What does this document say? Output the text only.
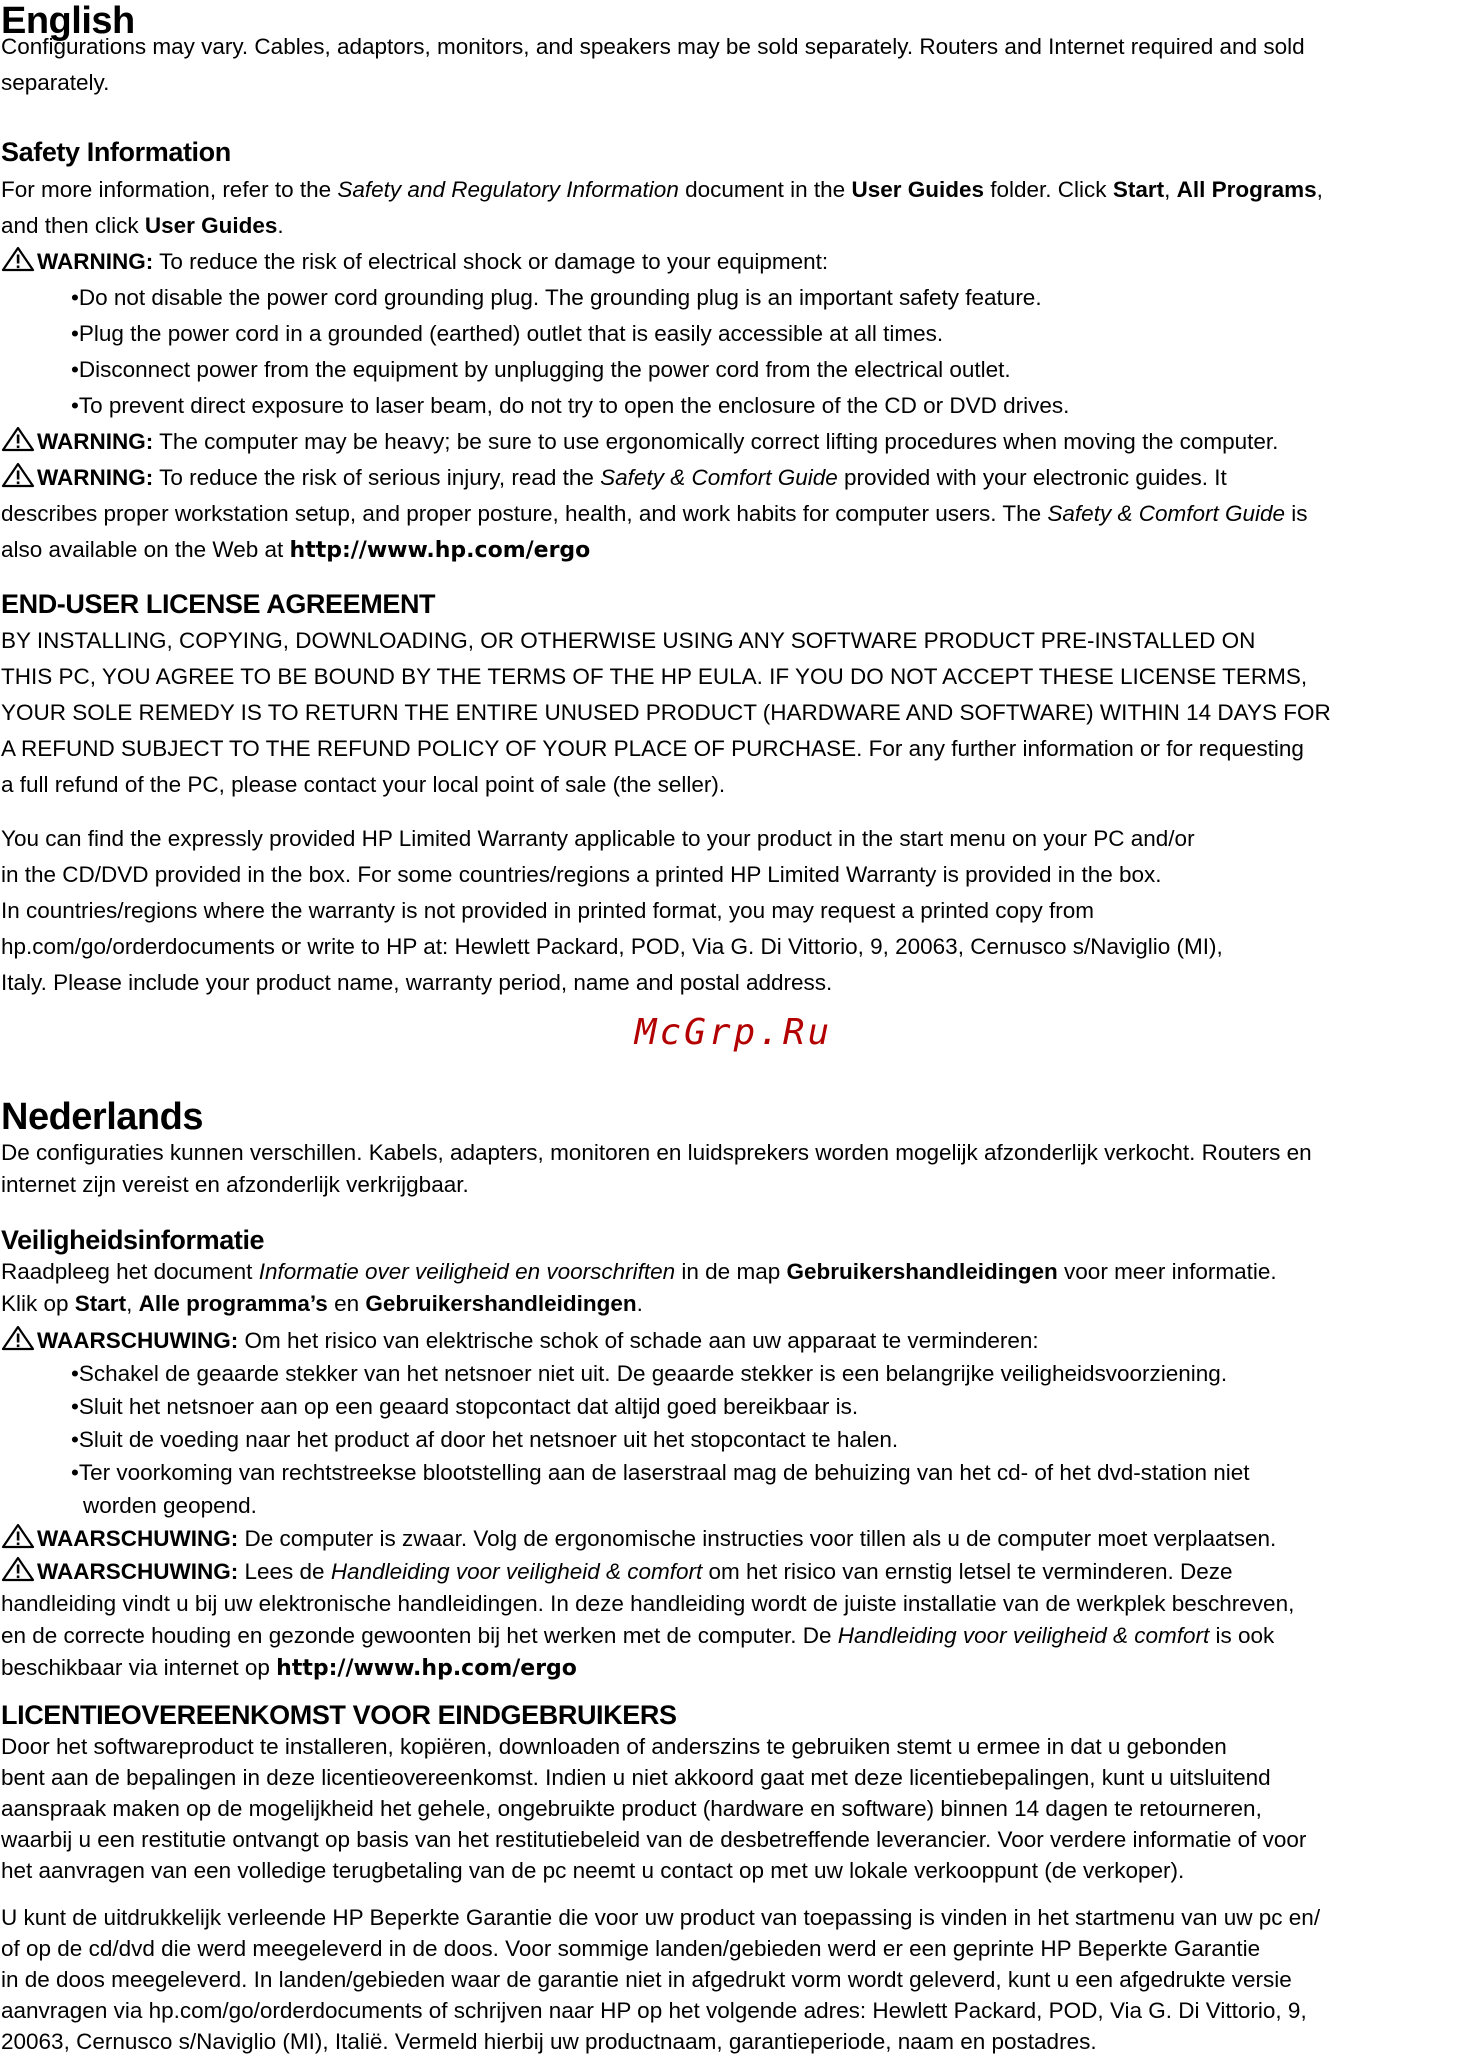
English

Configurations may vary. Cables, adaptors, monitors, and speakers may be sold separately. Routers and Internet required and sold

separately.

Safety Information

For more information, refer to the Safety and Regulatory Information document in the User Guides folder. Click Start, All Programs,

and then click User Guides.

WARNING: To reduce the risk of electrical shock or damage to your equipment:

•Do not disable the power cord grounding plug. The grounding plug is an important safety feature.

•Plug the power cord in a grounded (earthed) outlet that is easily accessible at all times.

•Disconnect power from the equipment by unplugging the power cord from the electrical outlet.

•To prevent direct exposure to laser beam, do not try to open the enclosure of the CD or DVD drives.

WARNING: The computer may be heavy; be sure to use ergonomically correct lifting procedures when moving the computer.

WARNING: To reduce the risk of serious injury, read the Safety & Comfort Guide provided with your electronic guides. It

describes proper workstation setup, and proper posture, health, and work habits for computer users. The Safety & Comfort Guide is

also available on the Web at http://www.hp.com/ergo

END-USER LICENSE AGREEMENT

BY INSTALLING, COPYING, DOWNLOADING, OR OTHERWISE USING ANY SOFTWARE PRODUCT PRE-INSTALLED ON

THIS PC, YOU AGREE TO BE BOUND BY THE TERMS OF THE HP EULA. IF YOU DO NOT ACCEPT THESE LICENSE TERMS,

YOUR SOLE REMEDY IS TO RETURN THE ENTIRE UNUSED PRODUCT (HARDWARE AND SOFTWARE) WITHIN 14 DAYS FOR

A REFUND SUBJECT TO THE REFUND POLICY OF YOUR PLACE OF PURCHASE. For any further information or for requesting

a full refund of the PC, please contact your local point of sale (the seller).

You can find the expressly provided HP Limited Warranty applicable to your product in the start menu on your PC and/or

in the CD/DVD provided in the box. For some countries/regions a printed HP Limited Warranty is provided in the box.

In countries/regions where the warranty is not provided in printed format, you may request a printed copy from

hp.com/go/orderdocuments or write to HP at: Hewlett Packard, POD, Via G. Di Vittorio, 9, 20063, Cernusco s/Naviglio (MI),

Italy. Please include your product name, warranty period, name and postal address.

McGrp.Ru

Nederlands

De configuraties kunnen verschillen. Kabels, adapters, monitoren en luidsprekers worden mogelijk afzonderlijk verkocht. Routers en

internet zijn vereist en afzonderlijk verkrijgbaar.

Veiligheidsinformatie

Raadpleeg het document Informatie over veiligheid en voorschriften in de map Gebruikershandleidingen voor meer informatie.

Klik op Start, Alle programma’s en Gebruikershandleidingen.

WAARSCHUWING: Om het risico van elektrische schok of schade aan uw apparaat te verminderen:

•Schakel de geaarde stekker van het netsnoer niet uit. De geaarde stekker is een belangrijke veiligheidsvoorziening.

•Sluit het netsnoer aan op een geaard stopcontact dat altijd goed bereikbaar is.

•Sluit de voeding naar het product af door het netsnoer uit het stopcontact te halen.

•Ter voorkoming van rechtstreekse blootstelling aan de laserstraal mag de behuizing van het cd- of het dvd-station niet

worden geopend.

WAARSCHUWING: De computer is zwaar. Volg de ergonomische instructies voor tillen als u de computer moet verplaatsen.

WAARSCHUWING: Lees de Handleiding voor veiligheid & comfort om het risico van ernstig letsel te verminderen. Deze

handleiding vindt u bij uw elektronische handleidingen. In deze handleiding wordt de juiste installatie van de werkplek beschreven,

en de correcte houding en gezonde gewoonten bij het werken met de computer. De Handleiding voor veiligheid & comfort is ook

beschikbaar via internet op http://www.hp.com/ergo

LICENTIEOVEREENKOMST VOOR EINDGEBRUIKERS

Door het softwareproduct te installeren, kopiëren, downloaden of anderszins te gebruiken stemt u ermee in dat u gebonden

bent aan de bepalingen in deze licentieovereenkomst. Indien u niet akkoord gaat met deze licentiebepalingen, kunt u uitsluitend

aanspraak maken op de mogelijkheid het gehele, ongebruikte product (hardware en software) binnen 14 dagen te retourneren,

waarbij u een restitutie ontvangt op basis van het restitutiebeleid van de desbetreffende leverancier. Voor verdere informatie of voor

het aanvragen van een volledige terugbetaling van de pc neemt u contact op met uw lokale verkooppunt (de verkoper).

U kunt de uitdrukkelijk verleende HP Beperkte Garantie die voor uw product van toepassing is vinden in het startmenu van uw pc en/

of op de cd/dvd die werd meegeleverd in de doos. Voor sommige landen/gebieden werd er een geprinte HP Beperkte Garantie

in de doos meegeleverd. In landen/gebieden waar de garantie niet in afgedrukt vorm wordt geleverd, kunt u een afgedrukte versie

aanvragen via hp.com/go/orderdocuments of schrijven naar HP op het volgende adres: Hewlett Packard, POD, Via G. Di Vittorio, 9,

20063, Cernusco s/Naviglio (MI), Italië. Vermeld hierbij uw productnaam, garantieperiode, naam en postadres.
